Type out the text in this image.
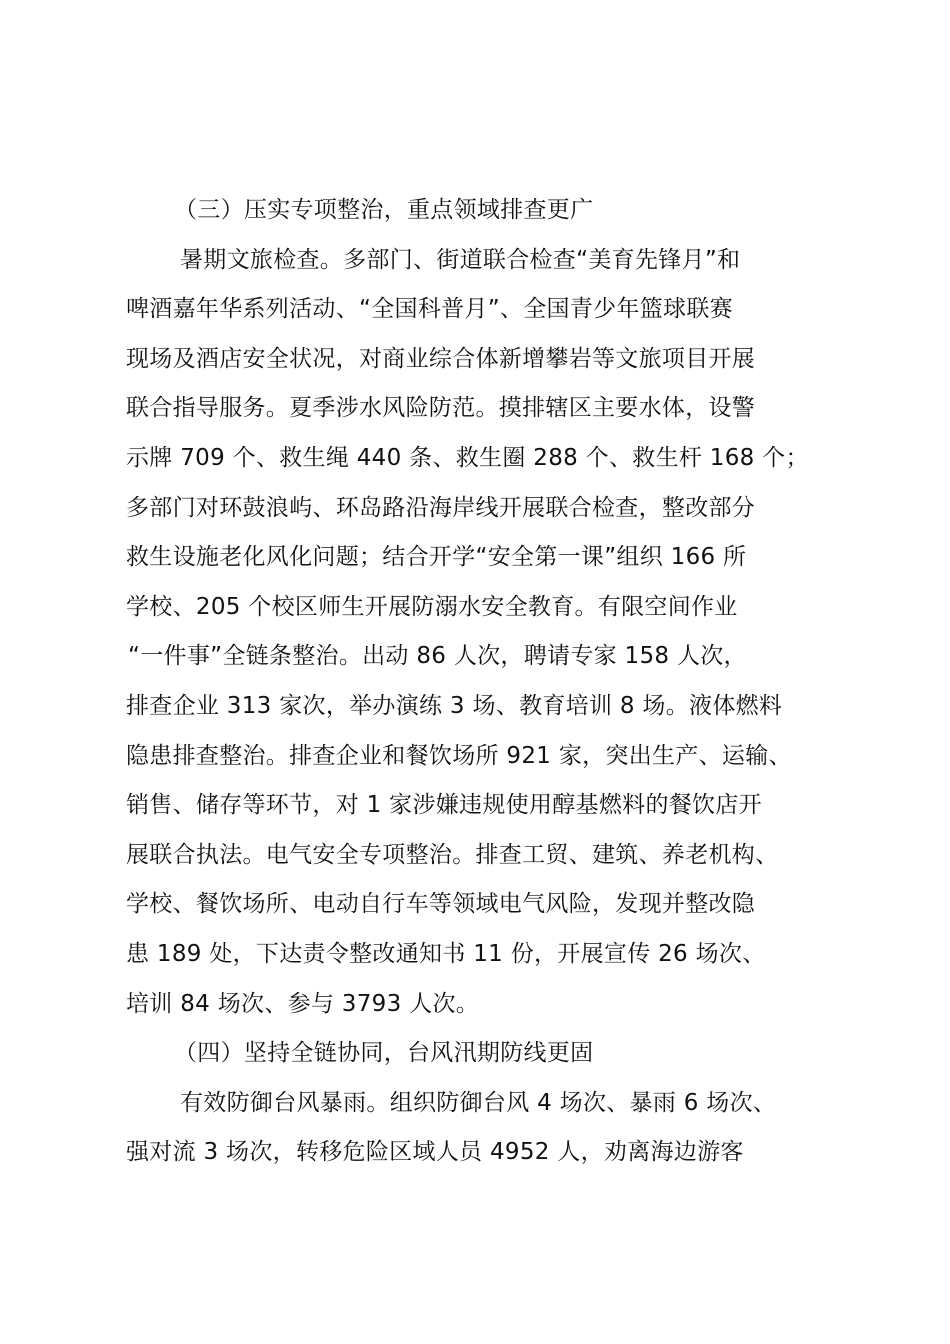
（三）压实专项整治，重点领域排查更广
暑期文旅检查。多部门、街道联合检查“美育先锋月”和
啤酒嘉年华系列活动、“全国科普月”、全国青少年篮球联赛
现场及酒店安全状况，对商业综合体新增攀岩等文旅项目开展
联合指导服务。夏季涉水风险防范。摸排辖区主要水体，设警
示牌 709 个、救生绳 440 条、救生圈 288 个、救生杆 168 个；
多部门对环鼓浪屿、环岛路沿海岸线开展联合检查，整改部分
救生设施老化风化问题；结合开学“安全第一课”组织 166 所
学校、205 个校区师生开展防溺水安全教育。有限空间作业
“一件事”全链条整治。出动 86 人次，聘请专家 158 人次，
排查企业 313 家次，举办演练 3 场、教育培训 8 场。液体燃料
隐患排查整治。排查企业和餐饮场所 921 家，突出生产、运输、
销售、储存等环节，对 1 家涉嫌违规使用醇基燃料的餐饮店开
展联合执法。电气安全专项整治。排查工贸、建筑、养老机构、
学校、餐饮场所、电动自行车等领域电气风险，发现并整改隐
患 189 处，下达责令整改通知书 11 份，开展宣传 26 场次、
培训 84 场次、参与 3793 人次。
（四）坚持全链协同，台风汛期防线更固
有效防御台风暴雨。组织防御台风 4 场次、暴雨 6 场次、
强对流 3 场次，转移危险区域人员 4952 人，劝离海边游客
